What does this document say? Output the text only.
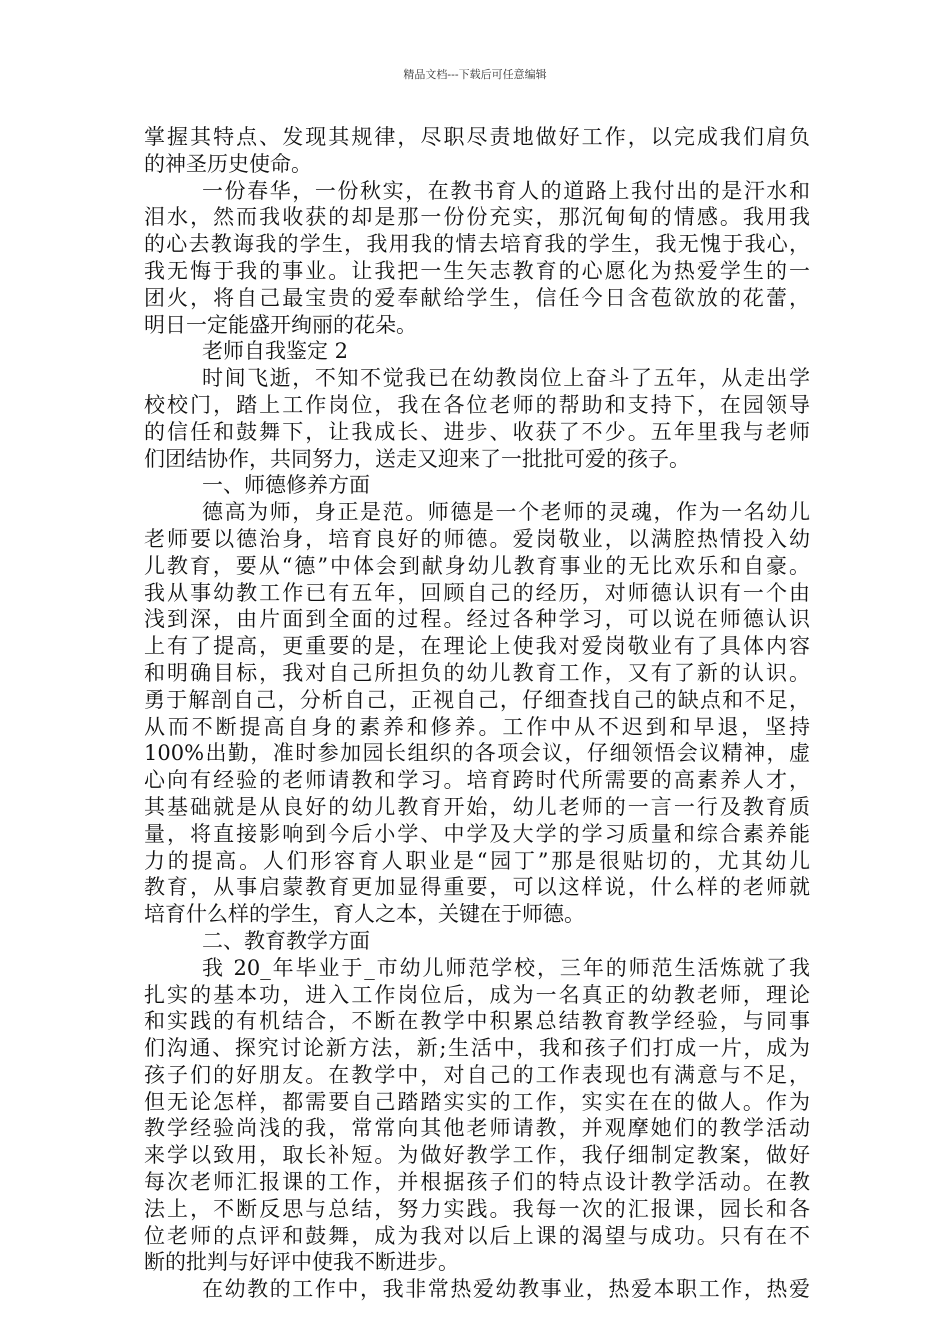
精品文档---下载后可任意编辑
掌握其特点、发现其规律，尽职尽责地做好工作，以完成我们肩负
的神圣历史使命。
一份春华，一份秋实，在教书育人的道路上我付出的是汗水和
泪水，然而我收获的却是那一份份充实，那沉甸甸的情感。我用我
的心去教诲我的学生，我用我的情去培育我的学生，我无愧于我心，
我无悔于我的事业。让我把一生矢志教育的心愿化为热爱学生的一
团火，将自己最宝贵的爱奉献给学生，信任今日含苞欲放的花蕾，
明日一定能盛开绚丽的花朵。
老师自我鉴定 2
时间飞逝，不知不觉我已在幼教岗位上奋斗了五年，从走出学
校校门，踏上工作岗位，我在各位老师的帮助和支持下，在园领导
的信任和鼓舞下，让我成长、进步、收获了不少。五年里我与老师
们团结协作，共同努力，送走又迎来了一批批可爱的孩子。
一、师德修养方面
德高为师，身正是范。师德是一个老师的灵魂，作为一名幼儿
老师要以德治身，培育良好的师德。爱岗敬业，以满腔热情投入幼
儿教育，要从“德”中体会到献身幼儿教育事业的无比欢乐和自豪。
我从事幼教工作已有五年，回顾自己的经历，对师德认识有一个由
浅到深，由片面到全面的过程。经过各种学习，可以说在师德认识
上有了提高，更重要的是，在理论上使我对爱岗敬业有了具体内容
和明确目标，我对自己所担负的幼儿教育工作，又有了新的认识。
勇于解剖自己，分析自己，正视自己，仔细查找自己的缺点和不足，
从而不断提高自身的素养和修养。工作中从不迟到和早退，坚持
100%出勤，准时参加园长组织的各项会议，仔细领悟会议精神，虚
心向有经验的老师请教和学习。培育跨时代所需要的高素养人才，
其基础就是从良好的幼儿教育开始，幼儿老师的一言一行及教育质
量，将直接影响到今后小学、中学及大学的学习质量和综合素养能
力的提高。人们形容育人职业是“园丁”那是很贴切的，尤其幼儿
教育，从事启蒙教育更加显得重要，可以这样说，什么样的老师就
培育什么样的学生，育人之本，关键在于师德。
二、教育教学方面
我 20_年毕业于_市幼儿师范学校，三年的师范生活炼就了我
扎实的基本功，进入工作岗位后，成为一名真正的幼教老师，理论
和实践的有机结合，不断在教学中积累总结教育教学经验，与同事
们沟通、探究讨论新方法，新;生活中，我和孩子们打成一片，成为
孩子们的好朋友。在教学中，对自己的工作表现也有满意与不足，
但无论怎样，都需要自己踏踏实实的工作，实实在在的做人。作为
教学经验尚浅的我，常常向其他老师请教，并观摩她们的教学活动
来学以致用，取长补短。为做好教学工作，我仔细制定教案，做好
每次老师汇报课的工作，并根据孩子们的特点设计教学活动。在教
法上，不断反思与总结，努力实践。我每一次的汇报课，园长和各
位老师的点评和鼓舞，成为我对以后上课的渴望与成功。只有在不
断的批判与好评中使我不断进步。
在幼教的工作中，我非常热爱幼教事业，热爱本职工作，热爱
